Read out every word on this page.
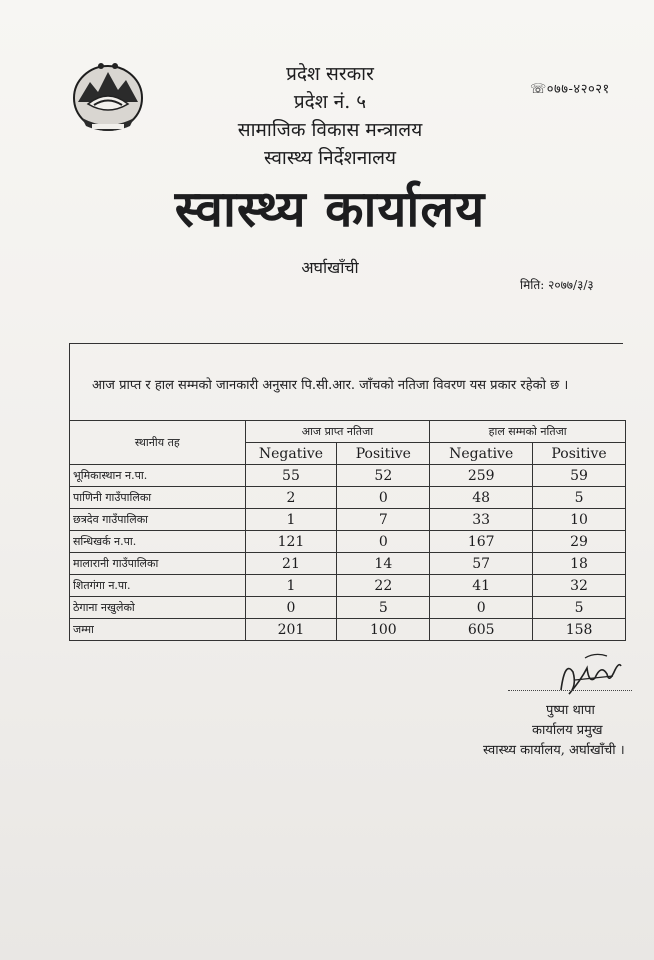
प्रदेश सरकार
प्रदेश नं. ५
सामाजिक विकास मन्त्रालय
स्वास्थ्य निर्देशनालय
☏०७७-४२०२१
स्वास्थ्य कार्यालय
अर्घाखाँची
मिति: २०७७/३/३
आज प्राप्त र हाल सम्मको जानकारी अनुसार पि.सी.आर. जाँचको नतिजा विवरण यस प्रकार रहेको छ ।
स्थानीय तह	आज प्राप्त नतिजा		हाल सम्मको नतिजा	
	Negative	Positive	Negative	Positive
भूमिकास्थान न.पा.	55	52	259	59
पाणिनी गाउँपालिका	2	0	48	5
छत्रदेव गाउँपालिका	1	7	33	10
सन्धिखर्क न.पा.	121	0	167	29
मालारानी गाउँपालिका	21	14	57	18
शितगंगा न.पा.	1	22	41	32
ठेगाना नखुलेको	0	5	0	5
जम्मा	201	100	605	158
पुष्पा थापा
कार्यालय प्रमुख
स्वास्थ्य कार्यालय, अर्घाखाँची ।
